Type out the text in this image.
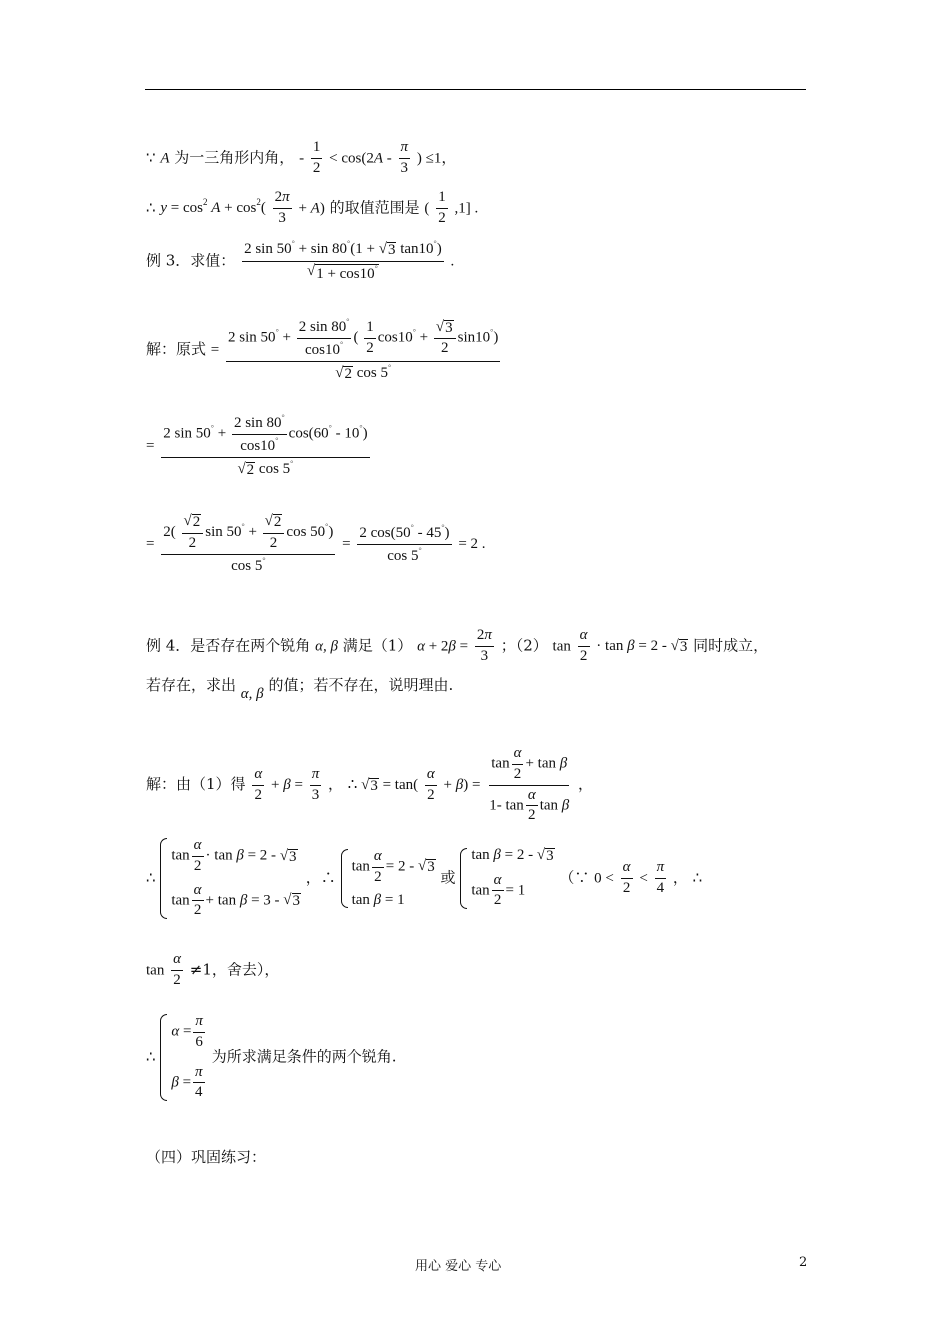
∵ A 为一三角形内角， - $\frac{1}{2} < \cos(2A - \frac{\pi}{3}$ ) ≤1，
∴ $y = \cos^2 A + \cos^2( \frac{2\pi}{3} + A)$ 的取值范围是 ( $\frac{1}{2} ,1$] .
例 3．求值： $\frac{2 \sin 50^\circ + \sin 80^\circ(1 + √ 3 \tan 10^\circ)}{√ 1 + \cos 10^\circ}$ .
解：原式 =
2 $\sin 50^\circ + \frac{2 \sin 80^\circ}{\cos 10^\circ}$ ( $\frac{1}{2} \cos 10^\circ + \frac{√ 3}{2} \sin 10^\circ$)
√ 2 cos 5°
= $\frac{2 \sin 50^\circ + \frac{2 \sin 80^\circ}{\cos 10^\circ} \cos(60^\circ - 10^\circ)}{√ 2 \cos 5^\circ}$
= $\frac{2( \frac{√ 2}{2} \sin 50^\circ + \frac{√ 2}{2} \cos 50^\circ)}{\cos 5^\circ} = \frac{2 \cos(50^\circ - 45^\circ)}{\cos 5^\circ} = 2$ .
例 4．是否存在两个锐角 α, β 满足（1） $\alpha + 2\beta = \frac{2\pi}{3}$ ；（2） $\tan \frac{\alpha}{2} \cdot \tan \beta = 2$ - √ 3 同时成立，
若存在，求出 α, β 的值；若不存在，说明理由.
解：由（1）得 $\frac{\alpha}{2} + \beta = \frac{\pi}{3}$ ， ∴ √ $3 = \tan( \frac{\alpha}{2} + \beta) = \frac{\tan \frac{\alpha}{2} + \tan \beta}{1- \tan \frac{\alpha}{2} \tan \beta}$ ，
∴
$\tan \frac{\alpha}{2} \cdot \tan \beta = 2$ - √ 3
$\tan \frac{\alpha}{2} + \tan \beta = 3$ - √ 3
，∴
$\tan \frac{\alpha}{2} = 2$ - √ 3
tan β = 1
或
tan β = 2 - √ 3
$\tan \frac{\alpha}{2} = 1$
（∵ $0 < \frac{\alpha}{2} < \frac{\pi}{4}$ ， ∴
$\tan \frac{\alpha}{2} \ne 1$，舍去），
∴
$\alpha = \frac{\pi}{6}$
$\beta = \frac{\pi}{4}$
为所求满足条件的两个锐角.
（四）巩固练习：
用心 爱心 专心	2
